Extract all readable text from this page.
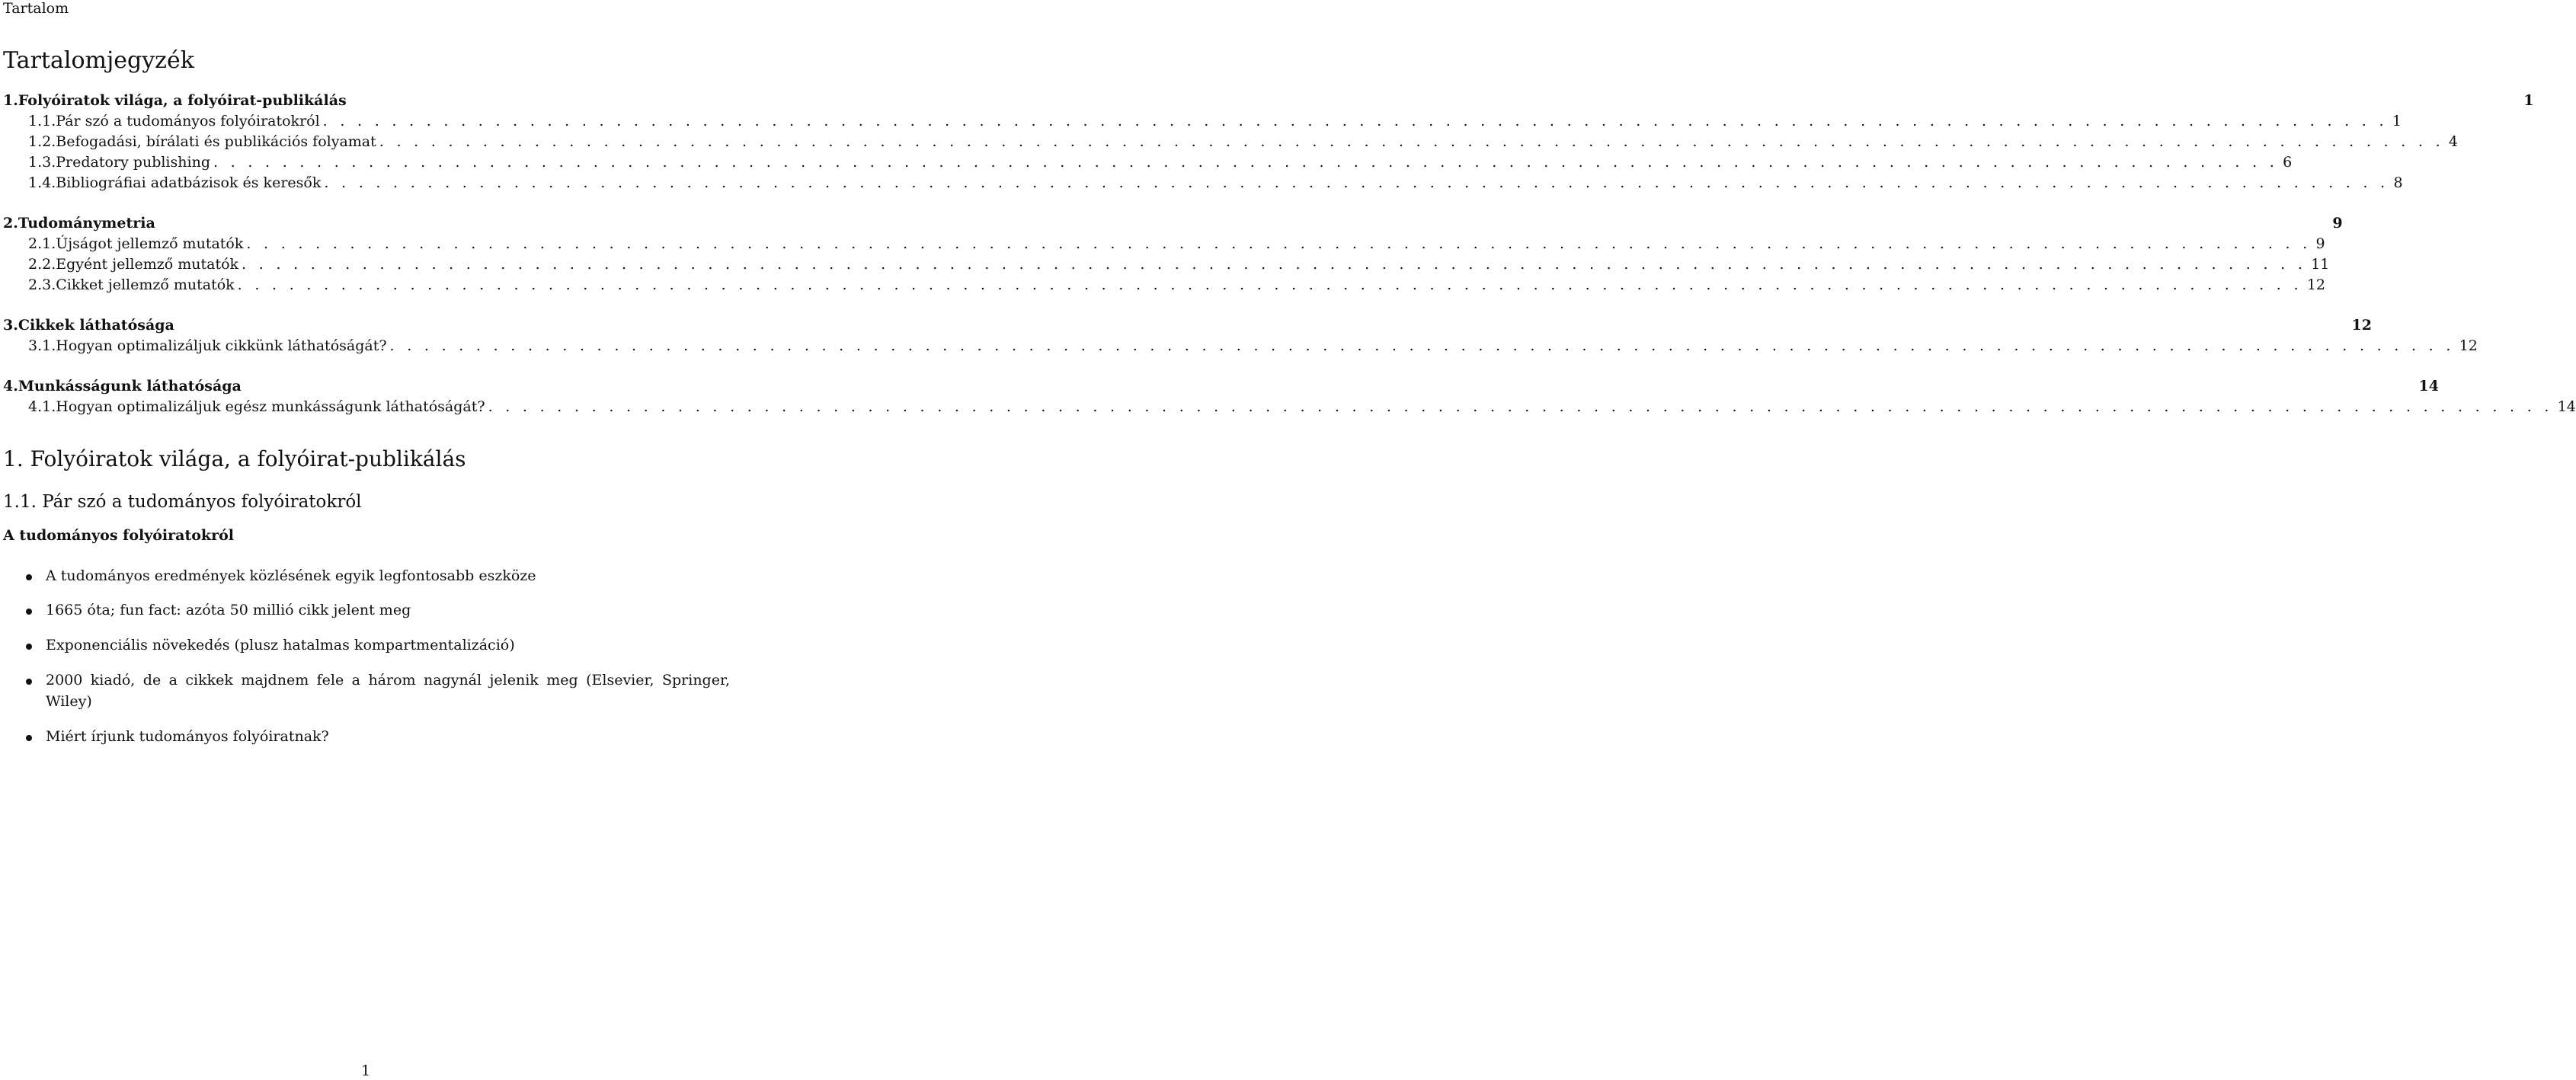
Tartalom
Tartalomjegyzék
1. Folyóiratok világa, a folyóirat-publikálás	1
1.1. Pár szó a tudományos folyóiratokról . . . . . . . . . . . . . . . . . . . . . . . . . . . . . . . . . . . . . . . . . . . . . . . . . . . . . . . . . . . . . . . . . . . . . . . . . . . . . . . . . . . . . . . . . . . . . . . . . . . . . . . . . . . . . . . . . . . . . . . . 1
1.2. Befogadási, bírálati és publikációs folyamat . . . . . . . . . . . . . . . . . . . . . . . . . . . . . . . . . . . . . . . . . . . . . . . . . . . . . . . . . . . . . . . . . . . . . . . . . . . . . . . . . . . . . . . . . . . . . . . . . . . . . . . . . . . . . . . . . . . . . . . . 4
1.3. Predatory publishing . . . . . . . . . . . . . . . . . . . . . . . . . . . . . . . . . . . . . . . . . . . . . . . . . . . . . . . . . . . . . . . . . . . . . . . . . . . . . . . . . . . . . . . . . . . . . . . . . . . . . . . . . . . . . . . . . . . . . . . . 6
1.4. Bibliográfiai adatbázisok és keresők . . . . . . . . . . . . . . . . . . . . . . . . . . . . . . . . . . . . . . . . . . . . . . . . . . . . . . . . . . . . . . . . . . . . . . . . . . . . . . . . . . . . . . . . . . . . . . . . . . . . . . . . . . . . . . . . . . . . . . . . 8
2. Tudománymetria	9
2.1. Újságot jellemző mutatók . . . . . . . . . . . . . . . . . . . . . . . . . . . . . . . . . . . . . . . . . . . . . . . . . . . . . . . . . . . . . . . . . . . . . . . . . . . . . . . . . . . . . . . . . . . . . . . . . . . . . . . . . . . . . . . . . . . . . . . . 9
2.2. Egyént jellemző mutatók . . . . . . . . . . . . . . . . . . . . . . . . . . . . . . . . . . . . . . . . . . . . . . . . . . . . . . . . . . . . . . . . . . . . . . . . . . . . . . . . . . . . . . . . . . . . . . . . . . . . . . . . . . . . . . . . . . . . . . . . 11
2.3. Cikket jellemző mutatók . . . . . . . . . . . . . . . . . . . . . . . . . . . . . . . . . . . . . . . . . . . . . . . . . . . . . . . . . . . . . . . . . . . . . . . . . . . . . . . . . . . . . . . . . . . . . . . . . . . . . . . . . . . . . . . . . . . . . . . . 12
3. Cikkek láthatósága	12
3.1. Hogyan optimalizáljuk cikkünk láthatóságát? . . . . . . . . . . . . . . . . . . . . . . . . . . . . . . . . . . . . . . . . . . . . . . . . . . . . . . . . . . . . . . . . . . . . . . . . . . . . . . . . . . . . . . . . . . . . . . . . . . . . . . . . . . . . . . . . . . . . . . . . 12
4. Munkásságunk láthatósága	14
4.1. Hogyan optimalizáljuk egész munkásságunk láthatóságát? . . . . . . . . . . . . . . . . . . . . . . . . . . . . . . . . . . . . . . . . . . . . . . . . . . . . . . . . . . . . . . . . . . . . . . . . . . . . . . . . . . . . . . . . . . . . . . . . . . . . . . . . . . . . . . . . . . . . . . . . 14
1. Folyóiratok világa, a folyóirat-publikálás
1.1. Pár szó a tudományos folyóiratokról
A tudományos folyóiratokról
A tudományos eredmények közlésének egyik legfontosabb eszköze
1665 óta; fun fact: azóta 50 millió cikk jelent meg
Exponenciális növekedés (plusz hatalmas kompartmentalizáció)
2000 kiadó, de a cikkek majdnem fele a három nagynál jelenik meg (Elsevier, Springer, Wiley)
Miért írjunk tudományos folyóiratnak?
1
